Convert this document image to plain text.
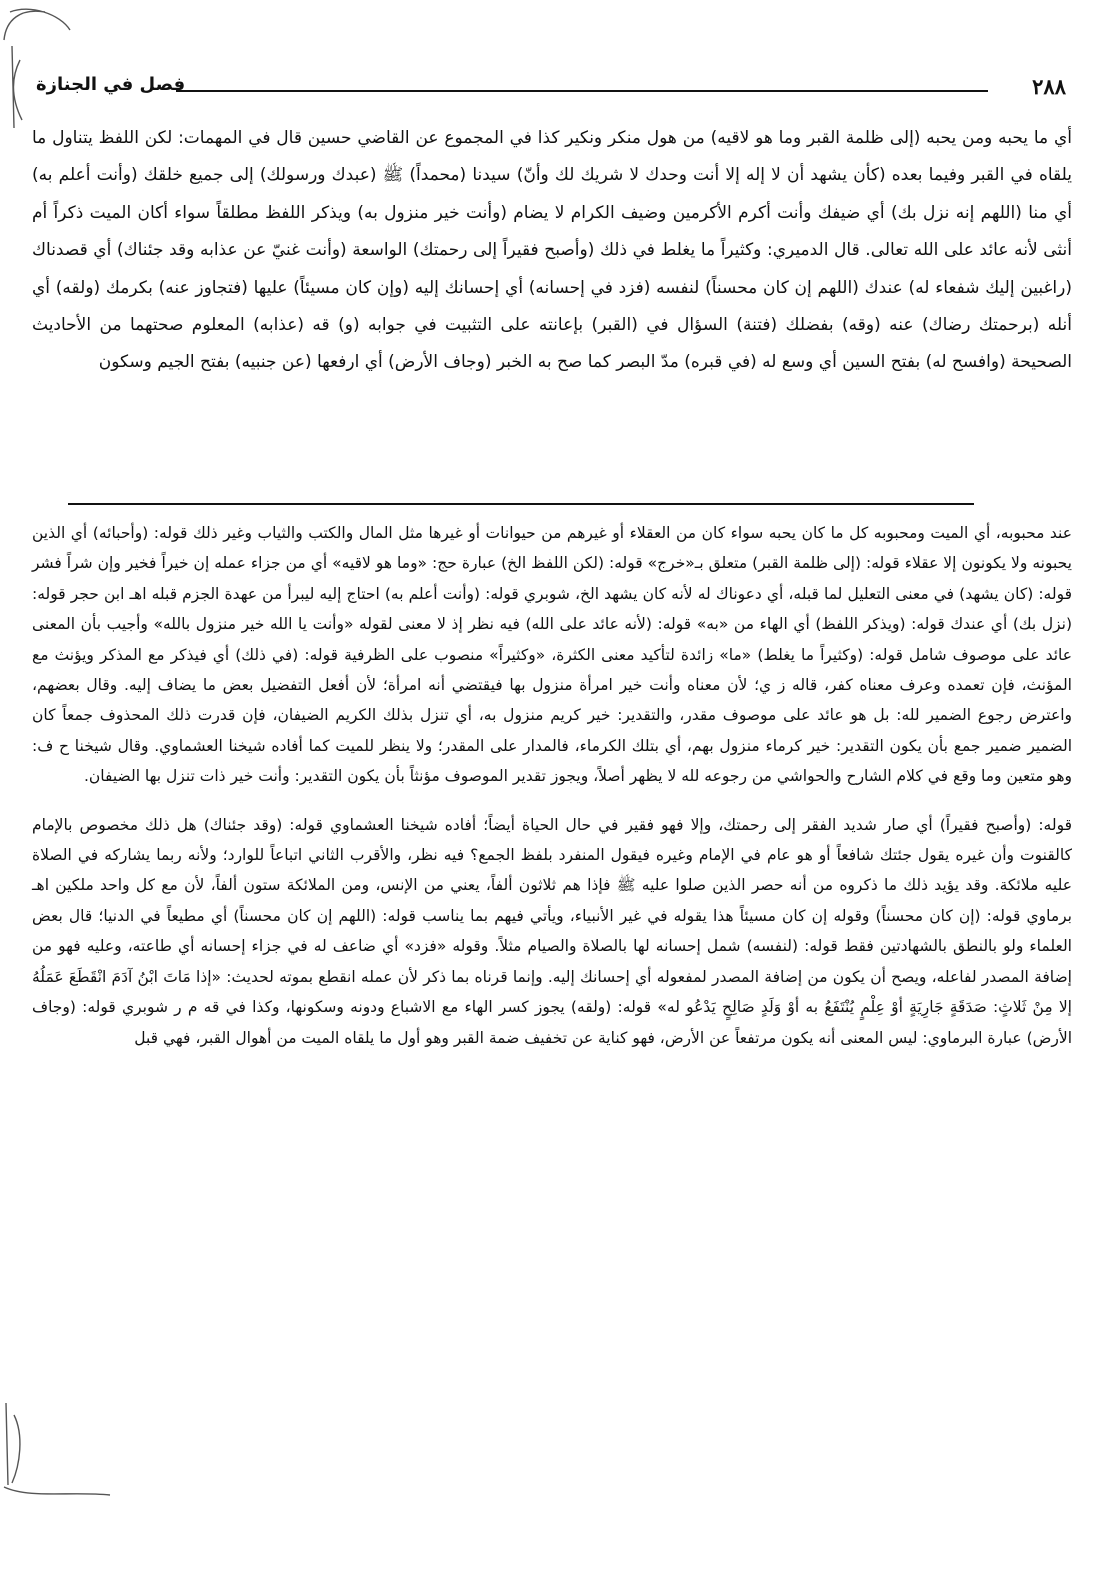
٢٨٨
فصل في الجنازة
أي ما يحبه ومن يحبه (إلى ظلمة القبر وما هو لاقيه) من هول منكر ونكير كذا في المجموع عن القاضي حسين قال في المهمات: لكن اللفظ يتناول ما يلقاه في القبر وفيما بعده (كأن يشهد أن لا إله إلا أنت وحدك لا شريك لك وأنّ) سيدنا (محمداً) ﷺ (عبدك ورسولك) إلى جميع خلقك (وأنت أعلم به) أي منا (اللهم إنه نزل بك) أي ضيفك وأنت أكرم الأكرمين وضيف الكرام لا يضام (وأنت خير منزول به) ويذكر اللفظ مطلقاً سواء أكان الميت ذكراً أم أنثى لأنه عائد على الله تعالى. قال الدميري: وكثيراً ما يغلط في ذلك (وأصبح فقيراً إلى رحمتك) الواسعة (وأنت غنيّ عن عذابه وقد جئناك) أي قصدناك (راغبين إليك شفعاء له) عندك (اللهم إن كان محسناً) لنفسه (فزد في إحسانه) أي إحسانك إليه (وإن كان مسيئاً) عليها (فتجاوز عنه) بكرمك (ولقه) أي أنله (برحمتك رضاك) عنه (وقه) بفضلك (فتنة) السؤال في (القبر) بإعانته على التثبيت في جوابه (و) قه (عذابه) المعلوم صحتهما من الأحاديث الصحيحة (وافسح له) بفتح السين أي وسع له (في قبره) مدّ البصر كما صح به الخبر (وجاف الأرض) أي ارفعها (عن جنبيه) بفتح الجيم وسكون

عند محبوبه، أي الميت ومحبوبه كل ما كان يحبه سواء كان من العقلاء أو غيرهم من حيوانات أو غيرها مثل المال والكتب والثياب وغير ذلك قوله: (وأحبائه) أي الذين يحبونه ولا يكونون إلا عقلاء قوله: (إلى ظلمة القبر) متعلق بـ«خرج» قوله: (لكن اللفظ الخ) عبارة حج: «وما هو لاقيه» أي من جزاء عمله إن خيراً فخير وإن شراً فشر قوله: (كان يشهد) في معنى التعليل لما قبله، أي دعوناك له لأنه كان يشهد الخ، شوبري قوله: (وأنت أعلم به) احتاج إليه ليبرأ من عهدة الجزم قبله اهـ ابن حجر قوله: (نزل بك) أي عندك قوله: (ويذكر اللفظ) أي الهاء من «به» قوله: (لأنه عائد على الله) فيه نظر إذ لا معنى لقوله «وأنت يا الله خير منزول بالله» وأجيب بأن المعنى عائد على موصوف شامل قوله: (وكثيراً ما يغلط) «ما» زائدة لتأكيد معنى الكثرة، «وكثيراً» منصوب على الظرفية قوله: (في ذلك) أي فيذكر مع المذكر ويؤنث مع المؤنث، فإن تعمده وعرف معناه كفر، قاله ز ي؛ لأن معناه وأنت خير امرأة منزول بها فيقتضي أنه امرأة؛ لأن أفعل التفضيل بعض ما يضاف إليه. وقال بعضهم، واعترض رجوع الضمير لله: بل هو عائد على موصوف مقدر، والتقدير: خير كريم منزول به، أي تنزل بذلك الكريم الضيفان، فإن قدرت ذلك المحذوف جمعاً كان الضمير ضمير جمع بأن يكون التقدير: خير كرماء منزول بهم، أي بتلك الكرماء، فالمدار على المقدر؛ ولا ينظر للميت كما أفاده شيخنا العشماوي. وقال شيخنا ح ف: وهو متعين وما وقع في كلام الشارح والحواشي من رجوعه لله لا يظهر أصلاً، ويجوز تقدير الموصوف مؤنثاً بأن يكون التقدير: وأنت خير ذات تنزل بها الضيفان.

قوله: (وأصبح فقيراً) أي صار شديد الفقر إلى رحمتك، وإلا فهو فقير في حال الحياة أيضاً؛ أفاده شيخنا العشماوي قوله: (وقد جئناك) هل ذلك مخصوص بالإمام كالقنوت وأن غيره يقول جئتك شافعاً أو هو عام في الإمام وغيره فيقول المنفرد بلفظ الجمع؟ فيه نظر، والأقرب الثاني اتباعاً للوارد؛ ولأنه ربما يشاركه في الصلاة عليه ملائكة. وقد يؤيد ذلك ما ذكروه من أنه حصر الذين صلوا عليه ﷺ فإذا هم ثلاثون ألفاً، يعني من الإنس، ومن الملائكة ستون ألفاً، لأن مع كل واحد ملكين اهـ برماوي قوله: (إن كان محسناً) وقوله إن كان مسيئاً هذا يقوله في غير الأنبياء، ويأتي فيهم بما يناسب قوله: (اللهم إن كان محسناً) أي مطيعاً في الدنيا؛ قال بعض العلماء ولو بالنطق بالشهادتين فقط قوله: (لنفسه) شمل إحسانه لها بالصلاة والصيام مثلاً. وقوله «فزد» أي ضاعف له في جزاء إحسانه أي طاعته، وعليه فهو من إضافة المصدر لفاعله، ويصح أن يكون من إضافة المصدر لمفعوله أي إحسانك إليه. وإنما قرناه بما ذكر لأن عمله انقطع بموته لحديث: «إذا مَاتَ ابْنُ آدَمَ انْقَطَعَ عَمَلُهُ إلا مِنْ ثَلاثٍ: صَدَقَةٍ جَارِيَةٍ أوْ عِلْمٍ يُنْتَفَعُ به أوْ وَلَدٍ صَالِحٍ يَدْعُو له» قوله: (ولقه) يجوز كسر الهاء مع الاشباع ودونه وسكونها، وكذا في قه م ر شوبري قوله: (وجاف الأرض) عبارة البرماوي: ليس المعنى أنه يكون مرتفعاً عن الأرض، فهو كناية عن تخفيف ضمة القبر وهو أول ما يلقاه الميت من أهوال القبر، فهي قبل
